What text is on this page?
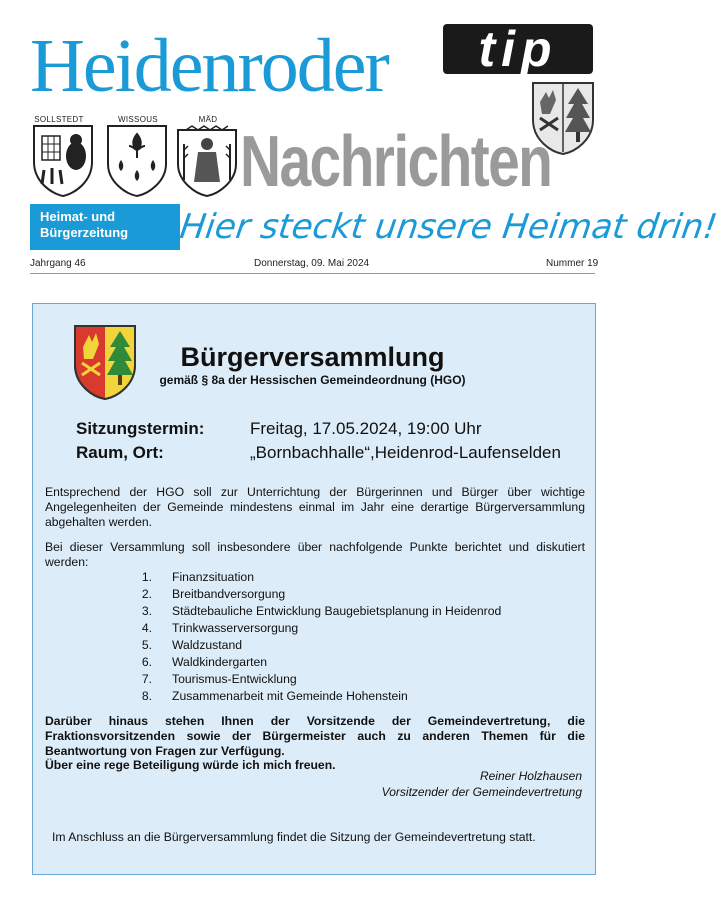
Heidenroder	tip
SOLLSTEDT	WISSOUS	MÄD
Nachrichten
Heimat- und Bürgerzeitung	Hier steckt unsere Heimat drin!
Jahrgang 46	Donnerstag, 09. Mai 2024	Nummer 19
Bürgerversammlung
gemäß § 8a der Hessischen Gemeindeordnung (HGO)
Sitzungstermin:	Freitag, 17.05.2024, 19:00 Uhr
Raum, Ort:	„Bornbachhalle“,Heidenrod-Laufenselden
Entsprechend der HGO soll zur Unterrichtung der Bürgerinnen und Bürger über wichtige Angelegenheiten der Gemeinde mindestens einmal im Jahr eine derartige Bürgerversammlung abgehalten werden.
Bei dieser Versammlung soll insbesondere über nachfolgende Punkte berichtet und diskutiert werden:
1. Finanzsituation
2. Breitbandversorgung
3. Städtebauliche Entwicklung Baugebietsplanung in Heidenrod
4. Trinkwasserversorgung
5. Waldzustand
6. Waldkindergarten
7. Tourismus-Entwicklung
8. Zusammenarbeit mit Gemeinde Hohenstein
Darüber hinaus stehen Ihnen der Vorsitzende der Gemeindevertretung, die Fraktionsvorsitzenden sowie der Bürgermeister auch zu anderen Themen für die Beantwortung von Fragen zur Verfügung.
Über eine rege Beteiligung würde ich mich freuen.
Reiner Holzhausen
Vorsitzender der Gemeindevertretung
Im Anschluss an die Bürgerversammlung findet die Sitzung der Gemeindevertretung statt.
